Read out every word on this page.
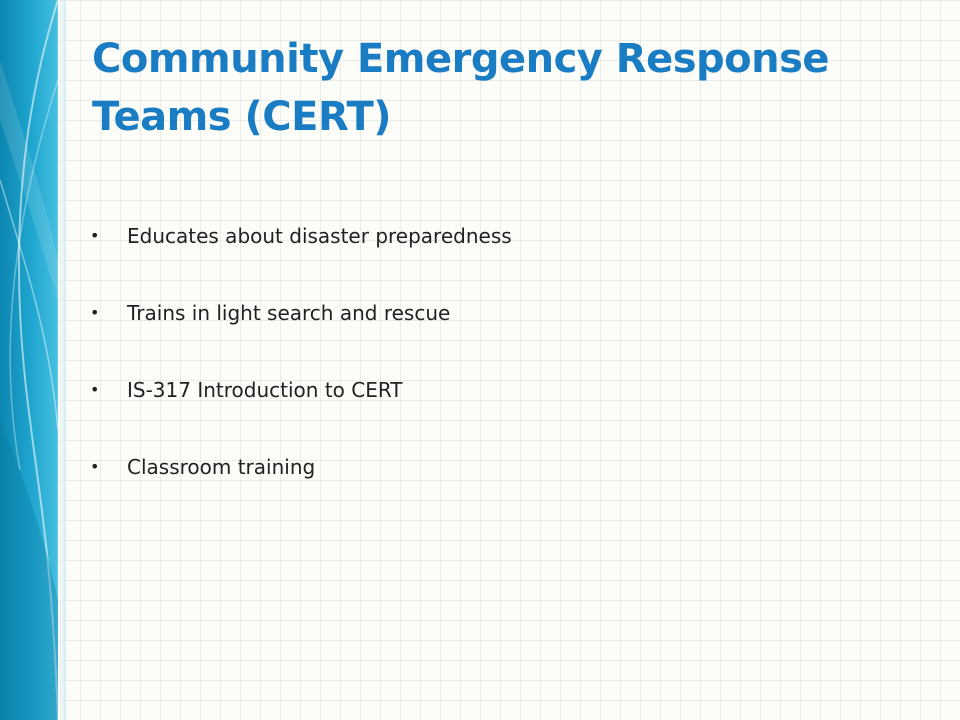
Community Emergency Response
Teams (CERT)
• Educates about disaster preparedness
• Trains in light search and rescue
• IS-317 Introduction to CERT
• Classroom training
